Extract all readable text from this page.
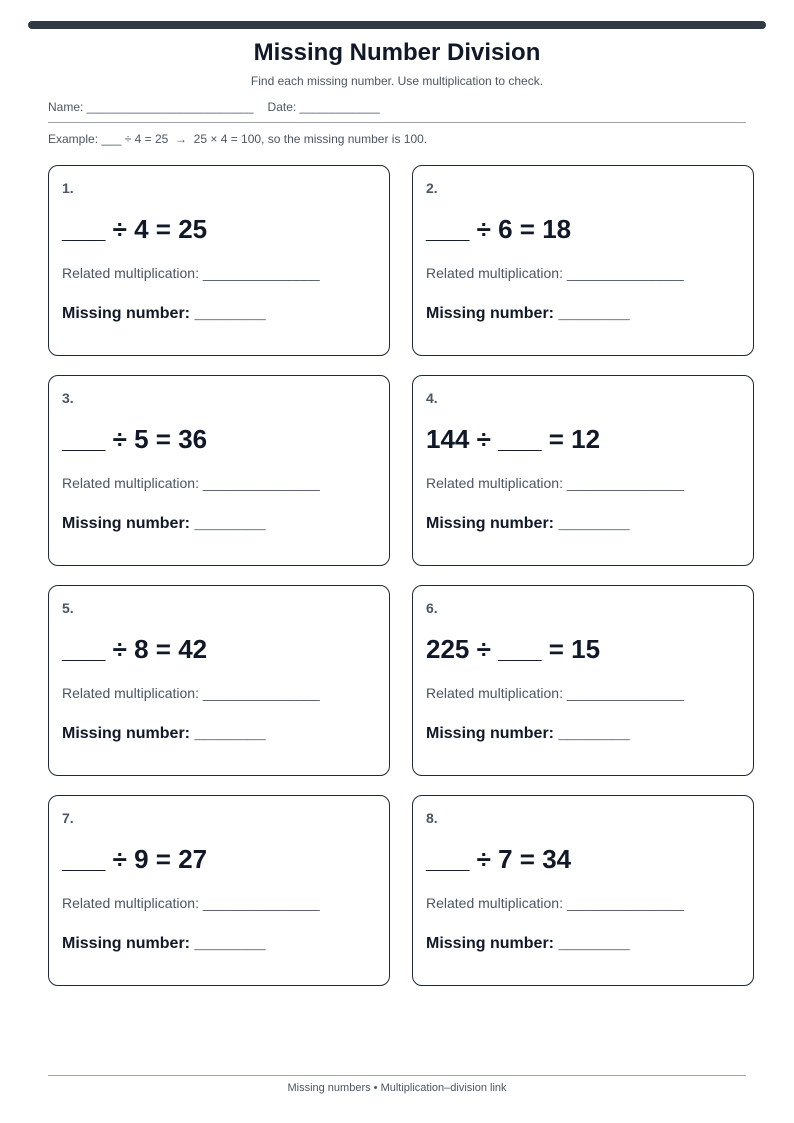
Missing Number Division
Find each missing number. Use multiplication to check.
Name: _________________________ Date: ____________
Example: ___ ÷ 4 = 25  →  25 × 4 = 100, so the missing number is 100.
1.
___ ÷ 4 = 25
Related multiplication: _______________
Missing number: ________
2.
___ ÷ 6 = 18
Related multiplication: _______________
Missing number: ________
3.
___ ÷ 5 = 36
Related multiplication: _______________
Missing number: ________
4.
144 ÷ ___ = 12
Related multiplication: _______________
Missing number: ________
5.
___ ÷ 8 = 42
Related multiplication: _______________
Missing number: ________
6.
225 ÷ ___ = 15
Related multiplication: _______________
Missing number: ________
7.
___ ÷ 9 = 27
Related multiplication: _______________
Missing number: ________
8.
___ ÷ 7 = 34
Related multiplication: _______________
Missing number: ________
Missing numbers • Multiplication–division link
